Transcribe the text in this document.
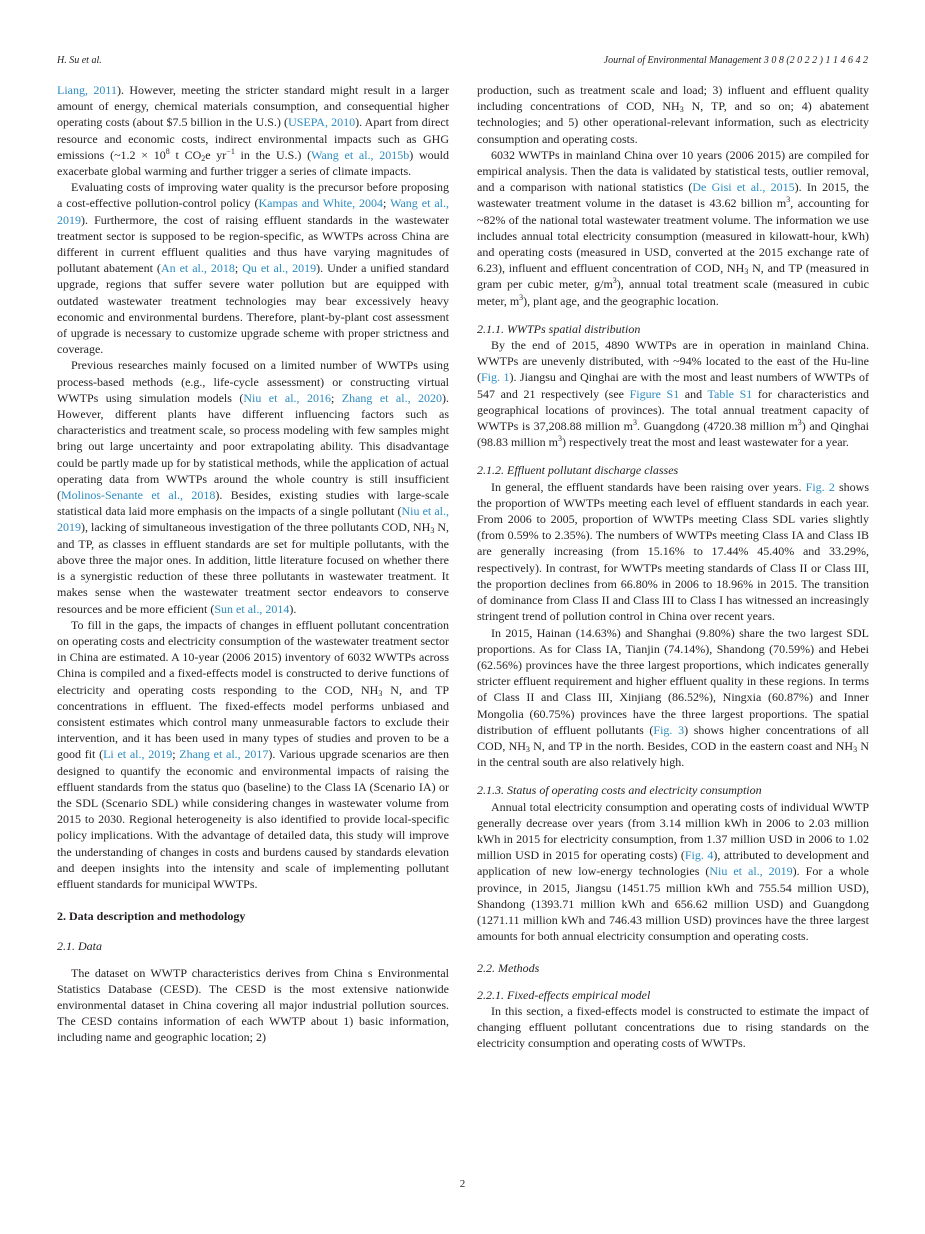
H. Su et al.	Journal of Environmental Management 3 0 8 (2 0 2 2 ) 1 1 4 6 4 2

Liang, 2011). However, meeting the stricter standard might result in a larger amount of energy, chemical materials consumption, and consequential higher operating costs (about $7.5 billion in the U.S.) (USEPA, 2010). Apart from direct resource and economic costs, indirect environmental impacts such as GHG emissions (~1.2 × $10^8$ t $CO_2e$ $yr^{-1}$ in the U.S.) (Wang et al., 2015b) would exacerbate global warming and further trigger a series of climate impacts.

Evaluating costs of improving water quality is the precursor before proposing a cost-effective pollution-control policy (Kampas and White, 2004; Wang et al., 2019). Furthermore, the cost of raising effluent standards in the wastewater treatment sector is supposed to be region-specific, as WWTPs across China are different in current effluent qualities and thus have varying magnitudes of pollutant abatement (An et al., 2018; Qu et al., 2019). Under a unified standard upgrade, regions that suffer severe water pollution but are equipped with outdated wastewater treatment technologies may bear excessively heavy economic and environmental burdens. Therefore, plant-by-plant cost assessment of upgrade is necessary to customize upgrade scheme with proper strictness and coverage.

Previous researches mainly focused on a limited number of WWTPs using process-based methods (e.g., life-cycle assessment) or constructing virtual WWTPs using simulation models (Niu et al., 2016; Zhang et al., 2020). However, different plants have different influencing factors such as characteristics and treatment scale, so process modeling with few samples might bring out large uncertainty and poor extrapolating ability. This disadvantage could be partly made up for by statistical methods, while the application of actual operating data from WWTPs around the whole country is still insufficient (Molinos-Senante et al., 2018). Besides, existing studies with large-scale statistical data laid more emphasis on the impacts of a single pollutant (Niu et al., 2019), lacking of simultaneous investigation of the three pollutants COD, $NH_3$ N, and TP, as classes in effluent standards are set for multiple pollutants, with the above three the major ones. In addition, little literature focused on whether there is a synergistic reduction of these three pollutants in wastewater treatment. It makes sense when the wastewater treatment sector endeavors to conserve resources and be more efficient (Sun et al., 2014).

To fill in the gaps, the impacts of changes in effluent pollutant concentration on operating costs and electricity consumption of the wastewater treatment sector in China are estimated. A 10-year (2006 2015) inventory of 6032 WWTPs across China is compiled and a fixed-effects model is constructed to derive functions of electricity and operating costs responding to the COD, $NH_3$ N, and TP concentrations in effluent. The fixed-effects model performs unbiased and consistent estimates which control many unmeasurable factors to exclude their intervention, and it has been used in many types of studies and proven to be a good fit (Li et al., 2019; Zhang et al., 2017). Various upgrade scenarios are then designed to quantify the economic and environmental impacts of raising the effluent standards from the status quo (baseline) to the Class IA (Scenario IA) or the SDL (Scenario SDL) while considering changes in wastewater volume from 2015 to 2030. Regional heterogeneity is also identified to provide local-specific policy implications. With the advantage of detailed data, this study will improve the understanding of changes in costs and burdens caused by standards elevation and deepen insights into the intensity and scale of implementing pollutant effluent standards for municipal WWTPs.

2. Data description and methodology
2.1. Data

The dataset on WWTP characteristics derives from China s Environmental Statistics Database (CESD). The CESD is the most extensive nationwide environmental dataset in China covering all major industrial pollution sources. The CESD contains information of each WWTP about 1) basic information, including name and geographic location; 2)

production, such as treatment scale and load; 3) influent and effluent quality including concentrations of COD, $NH_3$ N, TP, and so on; 4) abatement technologies; and 5) other operational-relevant information, such as electricity consumption and operating costs.

6032 WWTPs in mainland China over 10 years (2006 2015) are compiled for empirical analysis. Then the data is validated by statistical tests, outlier removal, and a comparison with national statistics (De Gisi et al., 2015). In 2015, the wastewater treatment volume in the dataset is 43.62 billion $m^3$, accounting for ~82% of the national total wastewater treatment volume. The information we use includes annual total electricity consumption (measured in kilowatt-hour, kWh) and operating costs (measured in USD, converted at the 2015 exchange rate of 6.23), influent and effluent concentration of COD, $NH_3$ N, and TP (measured in gram per cubic meter, $g/m^3$), annual total treatment scale (measured in cubic meter, $m^3$), plant age, and the geographic location.

2.1.1. WWTPs spatial distribution

By the end of 2015, 4890 WWTPs are in operation in mainland China. WWTPs are unevenly distributed, with ~94% located to the east of the Hu-line (Fig. 1). Jiangsu and Qinghai are with the most and least numbers of WWTPs of 547 and 21 respectively (see Figure S1 and Table S1 for characteristics and geographical locations of provinces). The total annual treatment capacity of WWTPs is 37,208.88 million $m^3$. Guangdong (4720.38 million $m^3$) and Qinghai (98.83 million $m^3$) respectively treat the most and least wastewater for a year.

2.1.2. Effluent pollutant discharge classes

In general, the effluent standards have been raising over years. Fig. 2 shows the proportion of WWTPs meeting each level of effluent standards in each year. From 2006 to 2005, proportion of WWTPs meeting Class SDL varies slightly (from 0.59% to 2.35%). The numbers of WWTPs meeting Class IA and Class IB are generally increasing (from 15.16% to 17.44% 45.40% and 33.29%, respectively). In contrast, for WWTPs meeting standards of Class II or Class III, the proportion declines from 66.80% in 2006 to 18.96% in 2015. The transition of dominance from Class II and Class III to Class I has witnessed an increasingly stringent trend of pollution control in China over recent years.

In 2015, Hainan (14.63%) and Shanghai (9.80%) share the two largest SDL proportions. As for Class IA, Tianjin (74.14%), Shandong (70.59%) and Hebei (62.56%) provinces have the three largest proportions, which indicates generally stricter effluent requirement and higher effluent quality in these regions. In terms of Class II and Class III, Xinjiang (86.52%), Ningxia (60.87%) and Inner Mongolia (60.75%) provinces have the three largest proportions. The spatial distribution of effluent pollutants (Fig. 3) shows higher concentrations of all COD, $NH_3$ N, and TP in the north. Besides, COD in the eastern coast and $NH_3$ N in the central south are also relatively high.

2.1.3. Status of operating costs and electricity consumption

Annual total electricity consumption and operating costs of individual WWTP generally decrease over years (from 3.14 million kWh in 2006 to 2.03 million kWh in 2015 for electricity consumption, from 1.37 million USD in 2006 to 1.02 million USD in 2015 for operating costs) (Fig. 4), attributed to development and application of new low-energy technologies (Niu et al., 2019). For a whole province, in 2015, Jiangsu (1451.75 million kWh and 755.54 million USD), Shandong (1393.71 million kWh and 656.62 million USD) and Guangdong (1271.11 million kWh and 746.43 million USD) provinces have the three largest amounts for both annual electricity consumption and operating costs.

2.2. Methods
2.2.1. Fixed-effects empirical model

In this section, a fixed-effects model is constructed to estimate the impact of changing effluent pollutant concentrations due to rising standards on the electricity consumption and operating costs of WWTPs.

2
